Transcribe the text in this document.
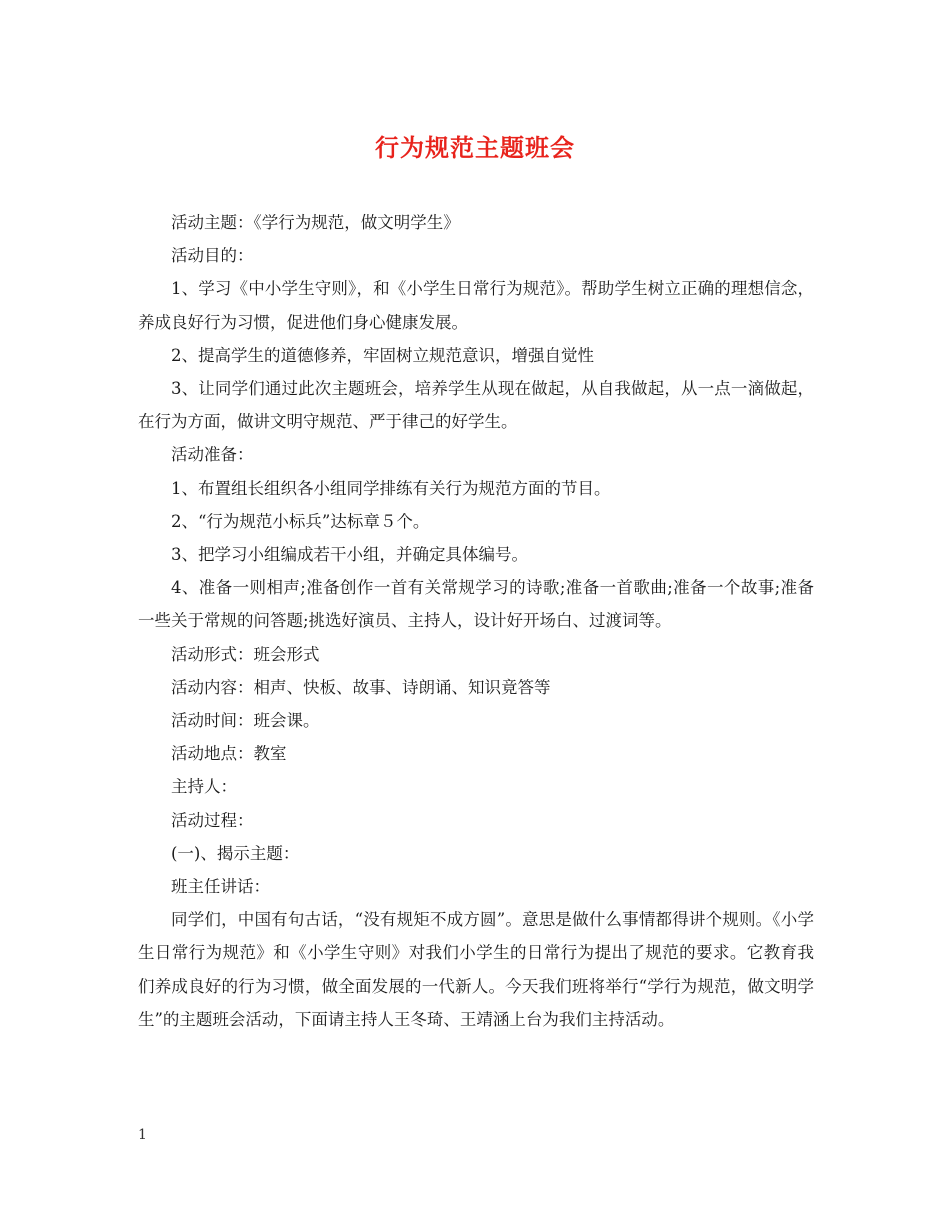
行为规范主题班会

活动主题：《学行为规范，做文明学生》

活动目的：

1、学习《中小学生守则》，和《小学生日常行为规范》。帮助学生树立正确的理想信念，养成良好行为习惯，促进他们身心健康发展。

2、提高学生的道德修养，牢固树立规范意识，增强自觉性

3、让同学们通过此次主题班会，培养学生从现在做起，从自我做起，从一点一滴做起，在行为方面，做讲文明守规范、严于律己的好学生。

活动准备：

1、布置组长组织各小组同学排练有关行为规范方面的节目。

2、“行为规范小标兵”达标章５个。

3、把学习小组编成若干小组，并确定具体编号。

4、准备一则相声;准备创作一首有关常规学习的诗歌;准备一首歌曲;准备一个故事;准备一些关于常规的问答题;挑选好演员、主持人，设计好开场白、过渡词等。

活动形式：班会形式

活动内容：相声、快板、故事、诗朗诵、知识竟答等

活动时间：班会课。

活动地点：教室

主持人：

活动过程：

(一)、揭示主题：

班主任讲话：

同学们，中国有句古话，“没有规矩不成方圆”。意思是做什么事情都得讲个规则。《小学生日常行为规范》和《小学生守则》对我们小学生的日常行为提出了规范的要求。它教育我们养成良好的行为习惯，做全面发展的一代新人。今天我们班将举行“学行为规范，做文明学生”的主题班会活动，下面请主持人王冬琦、王靖涵上台为我们主持活动。

1
